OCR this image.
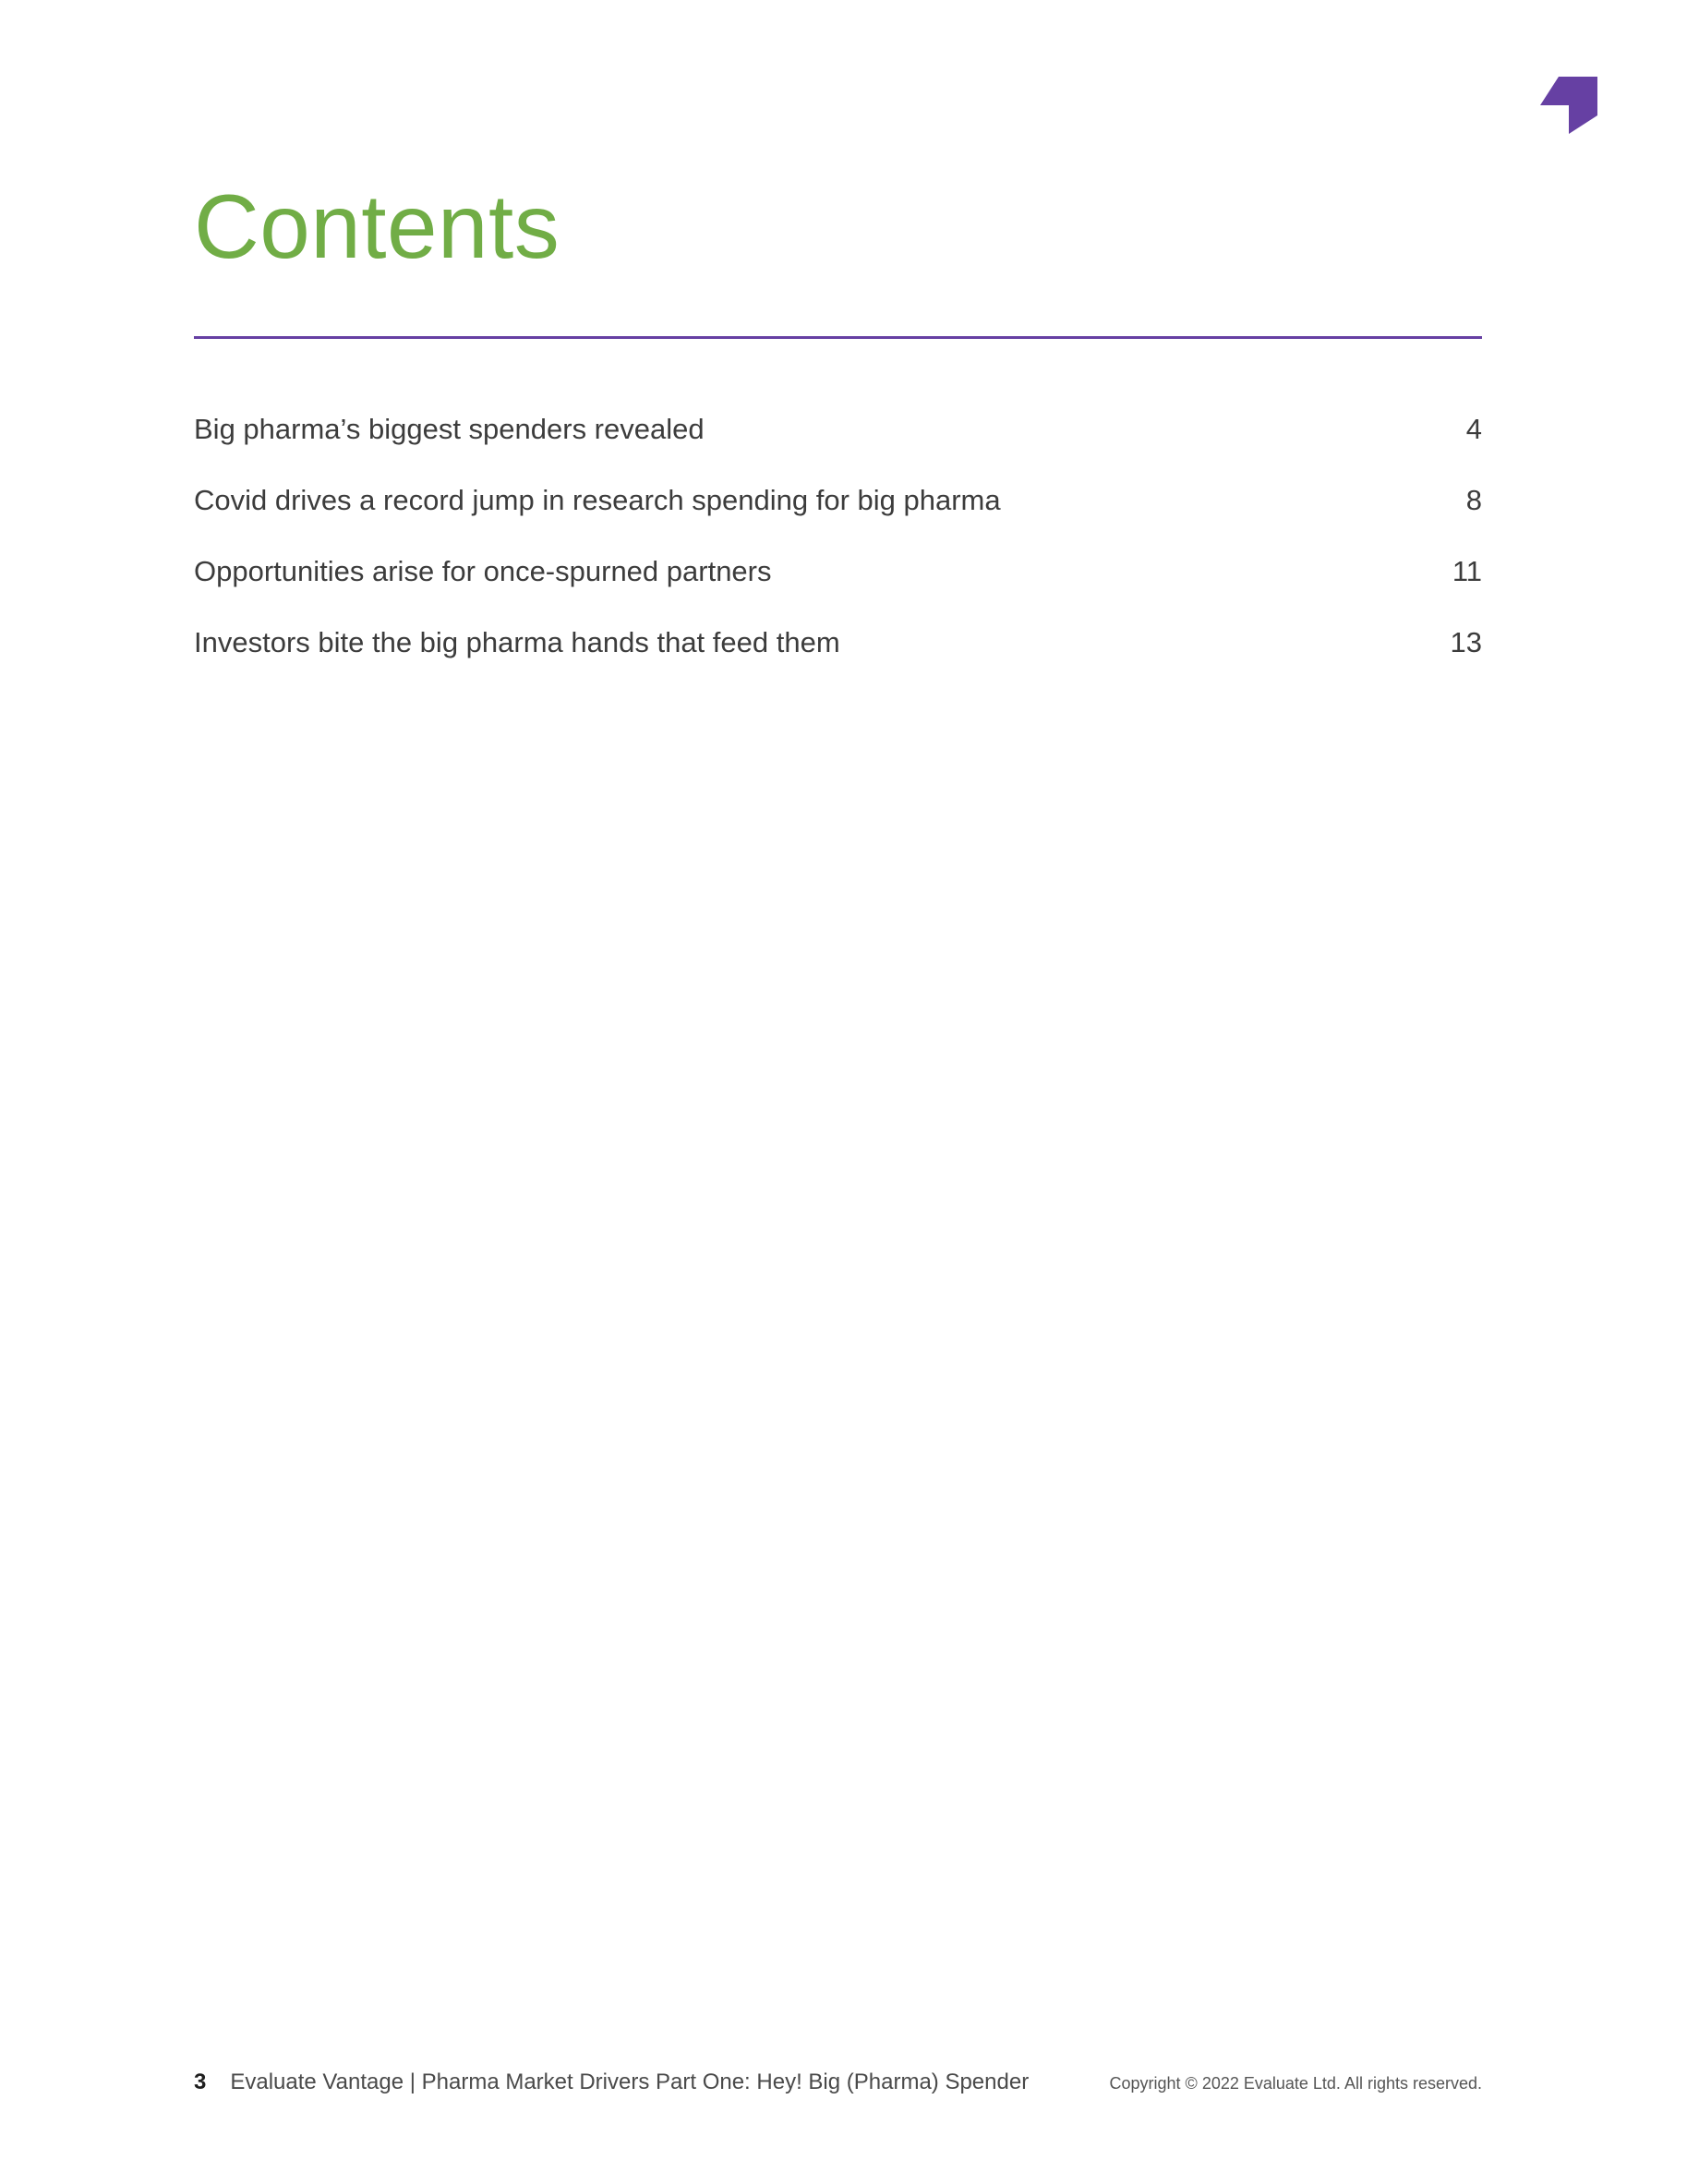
Contents
Big pharma’s biggest spenders revealed	4
Covid drives a record jump in research spending for big pharma	8
Opportunities arise for once-spurned partners	11
Investors bite the big pharma hands that feed them	13
3 Evaluate Vantage | Pharma Market Drivers Part One: Hey! Big (Pharma) Spender	Copyright © 2022 Evaluate Ltd. All rights reserved.
